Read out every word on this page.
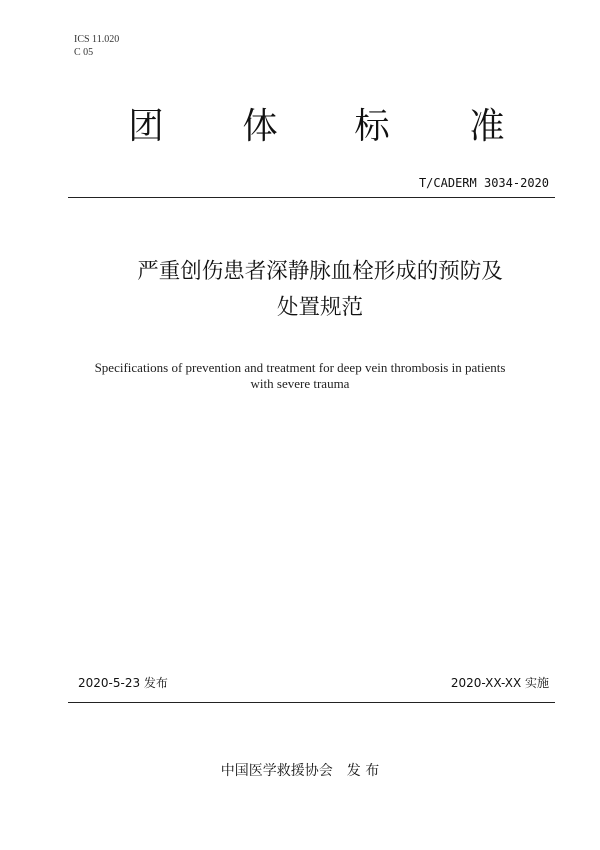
ICS 11.020
C 05
团 体 标 准
T/CADERM 3034-2020
严重创伤患者深静脉血栓形成的预防及
处置规范
Specifications of prevention and treatment for deep vein thrombosis in patients
with severe trauma
2020-5-23 发布	2020-XX-XX 实施
中国医学救援协会 发 布
